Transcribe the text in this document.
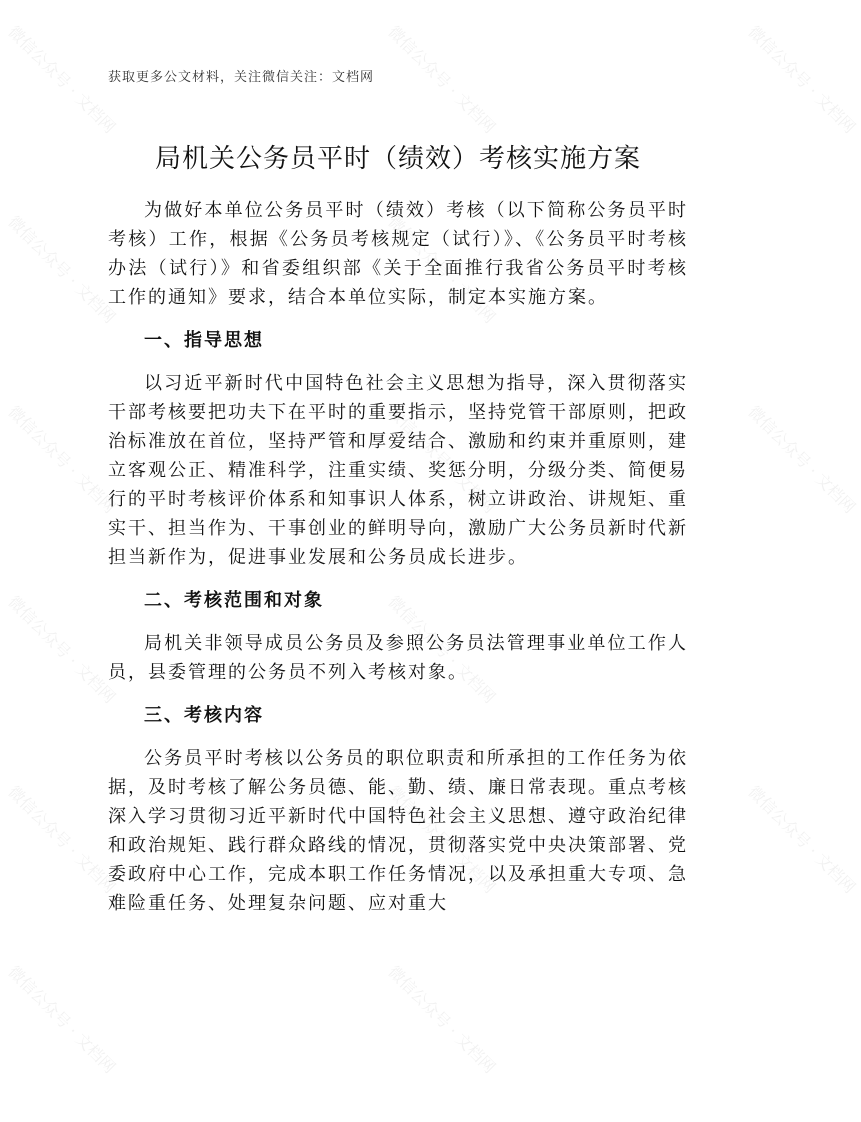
微信公众号 · 文档网	微信公众号 · 文档网	微信公众号 · 文档网
微信公众号 · 文档网	微信公众号 · 文档网
微信公众号 · 文档网	微信公众号 · 文档网	微信公众号 · 文档网
微信公众号 · 文档网	微信公众号 · 文档网
微信公众号 · 文档网	微信公众号 · 文档网	微信公众号 · 文档网
微信公众号 · 文档网	微信公众号 · 文档网
获取更多公文材料，关注微信关注：文档网
局机关公务员平时（绩效）考核实施方案

为做好本单位公务员平时（绩效）考核（以下简称公务员平时考核）工作，根据《公务员考核规定（试行）》、《公务员平时考核办法（试行）》和省委组织部《关于全面推行我省公务员平时考核工作的通知》要求，结合本单位实际，制定本实施方案。

一、指导思想

以习近平新时代中国特色社会主义思想为指导，深入贯彻落实干部考核要把功夫下在平时的重要指示，坚持党管干部原则，把政治标准放在首位，坚持严管和厚爱结合、激励和约束并重原则，建立客观公正、精准科学，注重实绩、奖惩分明，分级分类、简便易行的平时考核评价体系和知事识人体系，树立讲政治、讲规矩、重实干、担当作为、干事创业的鲜明导向，激励广大公务员新时代新担当新作为，促进事业发展和公务员成长进步。

二、考核范围和对象

局机关非领导成员公务员及参照公务员法管理事业单位工作人员，县委管理的公务员不列入考核对象。

三、考核内容

公务员平时考核以公务员的职位职责和所承担的工作任务为依据，及时考核了解公务员德、能、勤、绩、廉日常表现。重点考核深入学习贯彻习近平新时代中国特色社会主义思想、遵守政治纪律和政治规矩、践行群众路线的情况，贯彻落实党中央决策部署、党委政府中心工作，完成本职工作任务情况，以及承担重大专项、急难险重任务、处理复杂问题、应对重大
